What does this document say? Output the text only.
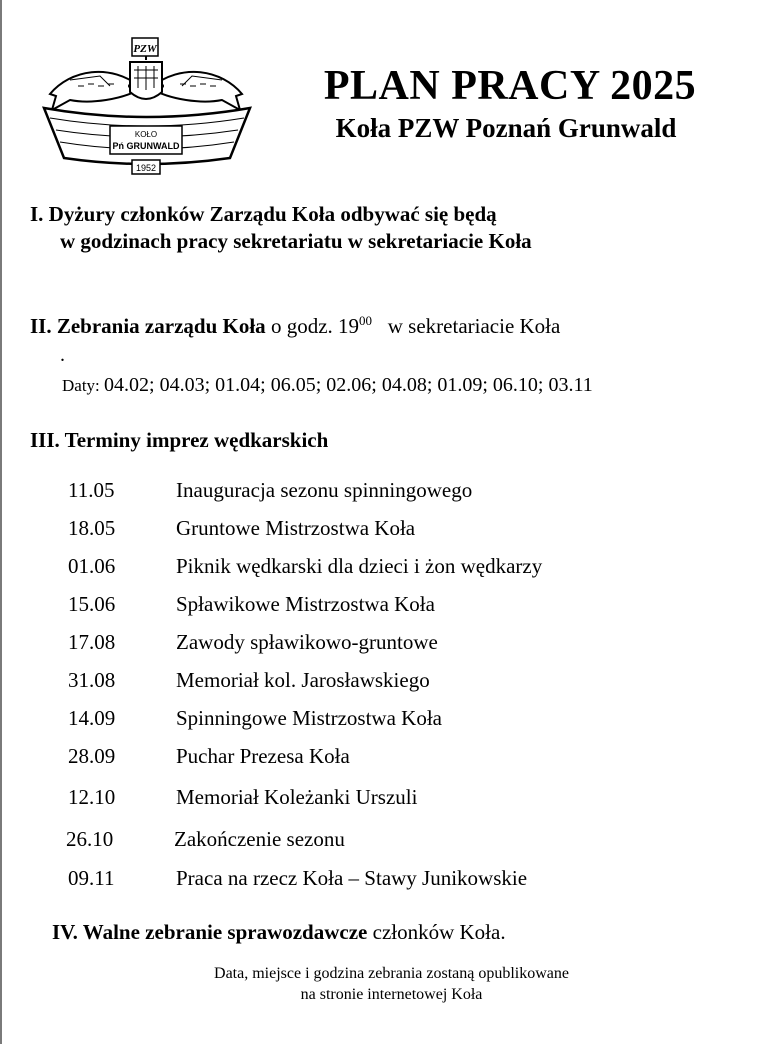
PZW
KOŁO
Pń GRUNWALD
1952
PLAN PRACY 2025
Koła PZW Poznań Grunwald
I. Dyżury członków Zarządu Koła odbywać się będą
w godzinach pracy sekretariatu w sekretariacie Koła
II. Zebrania zarządu Koła o godz. $19^{00}$   w sekretariacie Koła
.
Daty: 04.02; 04.03; 01.04; 06.05; 02.06; 04.08; 01.09; 06.10; 03.11
III. Terminy imprez wędkarskich
11.05	Inauguracja sezonu spinningowego
18.05	Gruntowe Mistrzostwa Koła
01.06	Piknik wędkarski dla dzieci i żon wędkarzy
15.06	Spławikowe Mistrzostwa Koła
17.08	Zawody spławikowo-gruntowe
31.08	Memoriał kol. Jarosławskiego
14.09	Spinningowe Mistrzostwa Koła
28.09	Puchar Prezesa Koła
12.10	Memoriał Koleżanki Urszuli
26.10	Zakończenie sezonu
09.11	Praca na rzecz Koła – Stawy Junikowskie
IV. Walne zebranie sprawozdawcze członków Koła.
Data, miejsce i godzina zebrania zostaną opublikowane
na stronie internetowej Koła
